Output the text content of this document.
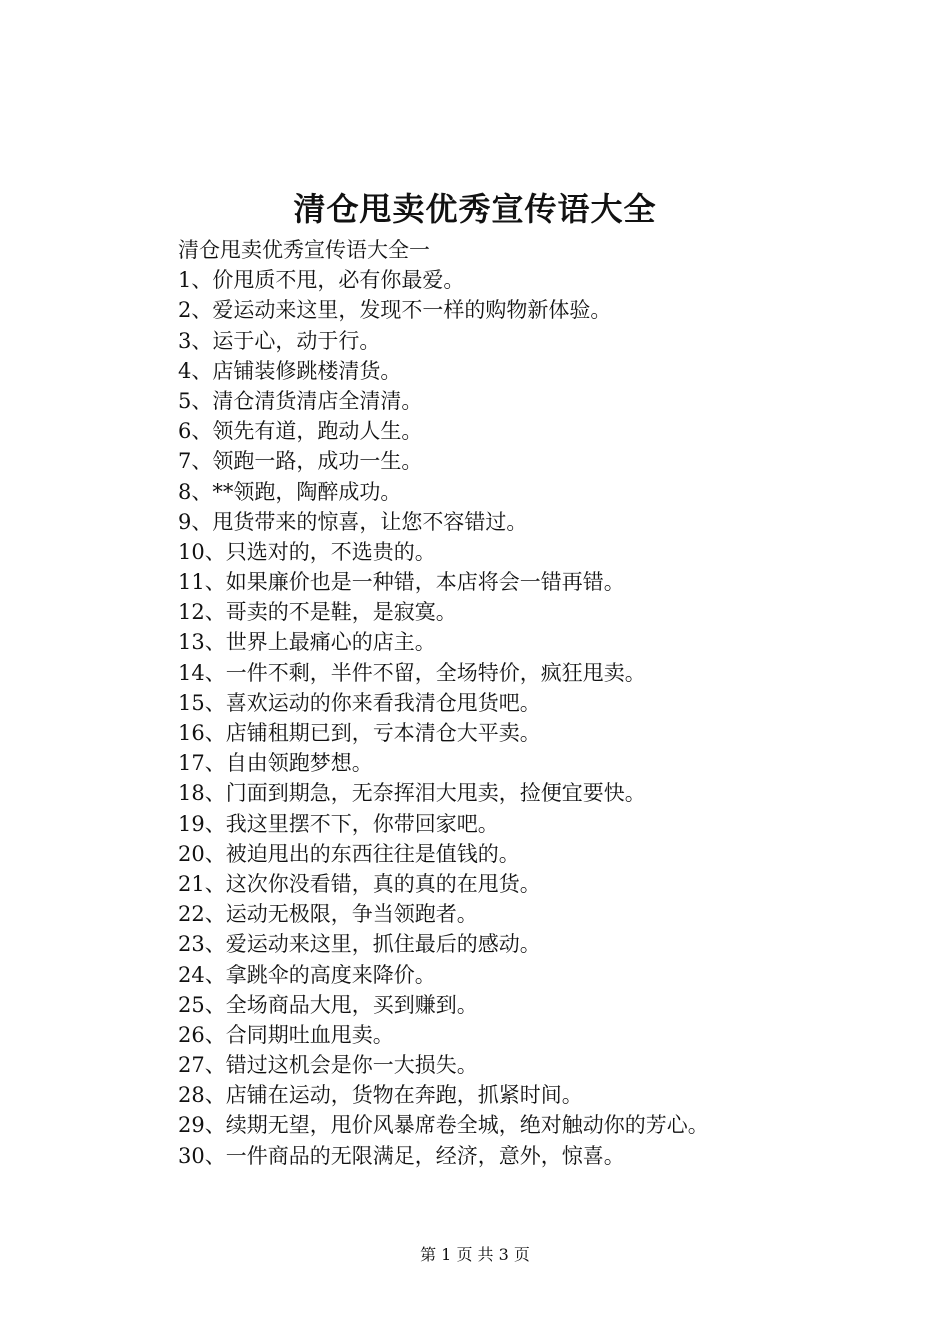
清仓甩卖优秀宣传语大全
清仓甩卖优秀宣传语大全一
1、价甩质不甩，必有你最爱。
2、爱运动来这里，发现不一样的购物新体验。
3、运于心，动于行。
4、店铺装修跳楼清货。
5、清仓清货清店全清清。
6、领先有道，跑动人生。
7、领跑一路，成功一生。
8、**领跑，陶醉成功。
9、甩货带来的惊喜，让您不容错过。
10、只选对的，不选贵的。
11、如果廉价也是一种错，本店将会一错再错。
12、哥卖的不是鞋，是寂寞。
13、世界上最痛心的店主。
14、一件不剩，半件不留，全场特价，疯狂甩卖。
15、喜欢运动的你来看我清仓甩货吧。
16、店铺租期已到，亏本清仓大平卖。
17、自由领跑梦想。
18、门面到期急，无奈挥泪大甩卖，捡便宜要快。
19、我这里摆不下，你带回家吧。
20、被迫甩出的东西往往是值钱的。
21、这次你没看错，真的真的在甩货。
22、运动无极限，争当领跑者。
23、爱运动来这里，抓住最后的感动。
24、拿跳伞的高度来降价。
25、全场商品大甩，买到赚到。
26、合同期吐血甩卖。
27、错过这机会是你一大损失。
28、店铺在运动，货物在奔跑，抓紧时间。
29、续期无望，甩价风暴席卷全城，绝对触动你的芳心。
30、一件商品的无限满足，经济，意外，惊喜。
第 1 页 共 3 页
